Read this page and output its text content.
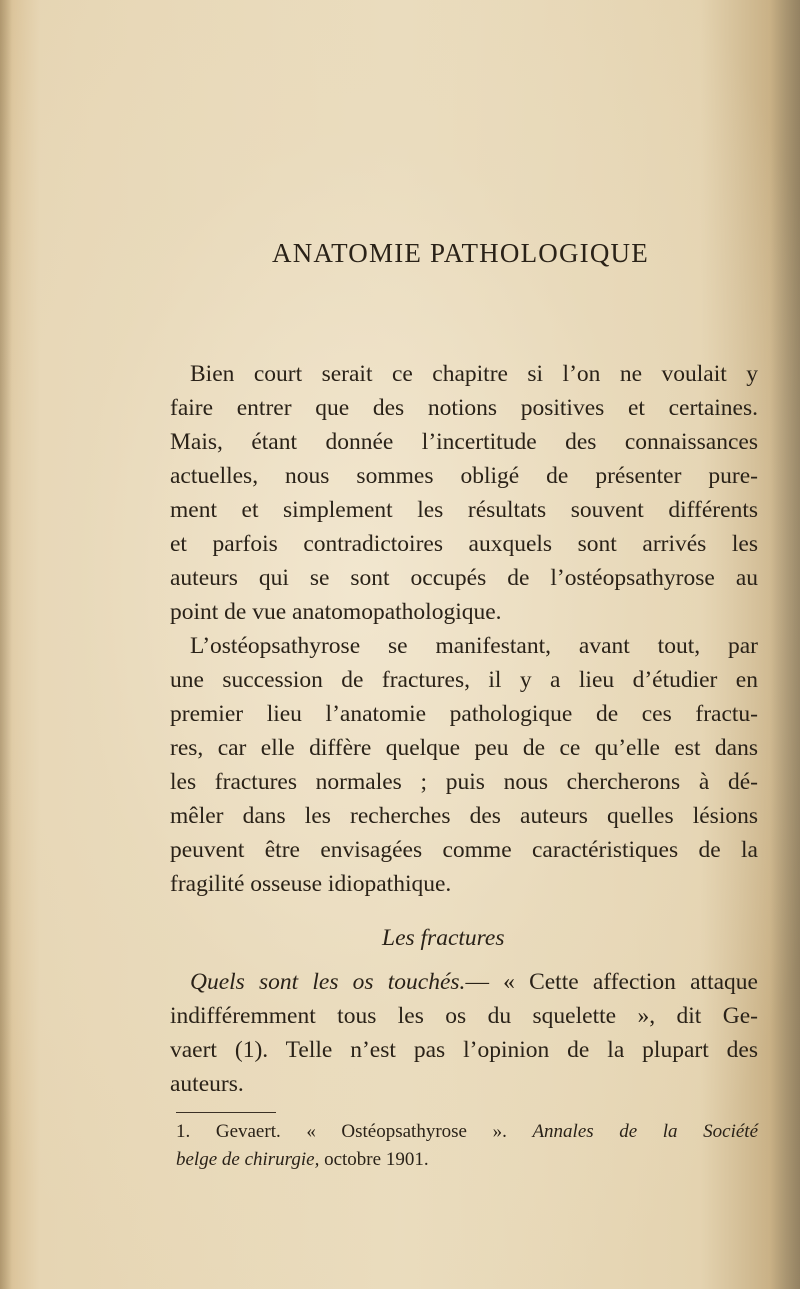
ANATOMIE PATHOLOGIQUE
Bien court serait ce chapitre si l’on ne voulait y
faire entrer que des notions positives et certaines.
Mais, étant donnée l’incertitude des connaissances
actuelles, nous sommes obligé de présenter pure-
ment et simplement les résultats souvent différents
et parfois contradictoires auxquels sont arrivés les
auteurs qui se sont occupés de l’ostéopsathyrose au
point de vue anatomopathologique.
L’ostéopsathyrose se manifestant, avant tout, par
une succession de fractures, il y a lieu d’étudier en
premier lieu l’anatomie pathologique de ces fractu-
res, car elle diffère quelque peu de ce qu’elle est dans
les fractures normales ; puis nous chercherons à dé-
mêler dans les recherches des auteurs quelles lésions
peuvent être envisagées comme caractéristiques de la
fragilité osseuse idiopathique.
Les fractures
Quels sont les os touchés.— « Cette affection attaque
indifféremment tous les os du squelette », dit Ge-
vaert (1). Telle n’est pas l’opinion de la plupart des
auteurs.
1. Gevaert. « Ostéopsathyrose ». Annales de la Société
belge de chirurgie, octobre 1901.
